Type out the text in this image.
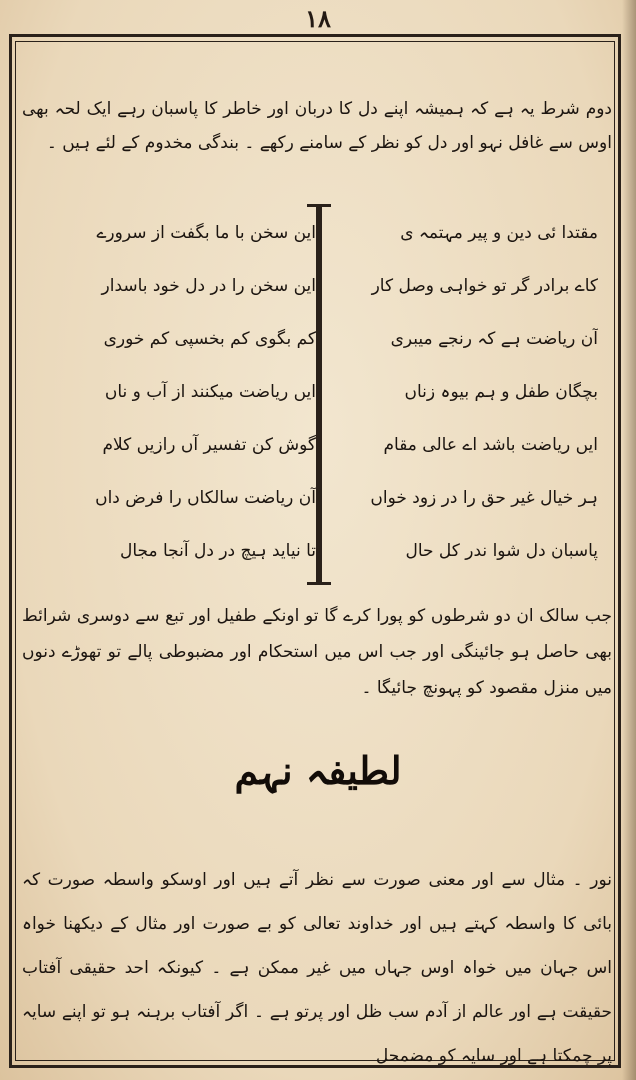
۱۸
دوم شرط یہ ہے کہ ہمیشہ اپنے دل کا دربان اور خاطر کا پاسبان رہے ایک لحہ بھی اوس سے غافل نہو اور دل کو نظر کے سامنے رکھے ۔ بندگی مخدوم کے لئے ہیں ۔
مقتدا ئی دین و پیر مہتمہ ی
کاے برادر گر تو خواہی وصل کار
آن ریاضت ہے کہ رنجے میبری
بچگان طفل و ہم بیوہ زناں
ایں ریاضت باشد اے عالی مقام
ہر خیال غیر حق را در زود خواں
پاسبان دل شوا ندر کل حال
این سخن با ما بگفت از سرورے
این سخن را در دل خود باسدار
کم بگوی کم بخسپی کم خوری
ایں ریاضت میکنند از آب و ناں
گوش کن تفسیر آں رازیں کلام
آن ریاضت سالکاں را فرض داں
تا نیاید ہیچ در دل آنجا مجال
جب سالک ان دو شرطوں کو پورا کرے گا تو اونکے طفیل اور تبع سے دوسری شرائط بھی حاصل ہو جائینگی اور جب اس میں استحکام اور مضبوطی پالے تو تھوڑے دنوں میں منزل مقصود کو پہونچ جائیگا ۔
لطیفہ نہم
نور ۔ مثال سے اور معنی صورت سے نظر آتے ہیں اور اوسکو واسطہ صورت کہ بائی کا واسطہ کہتے ہیں اور خداوند تعالی کو بے صورت اور مثال کے دیکھنا خواہ اس جہان میں خواہ اوس جہاں میں غیر ممکن ہے ۔ کیونکہ احد حقیقی آفتاب حقیقت ہے اور عالم از آدم سب ظل اور پرتو ہے ۔ اگر آفتاب برہنہ ہو تو اپنے سایہ پر چمکتا ہے اور سایہ کو مضمحل
